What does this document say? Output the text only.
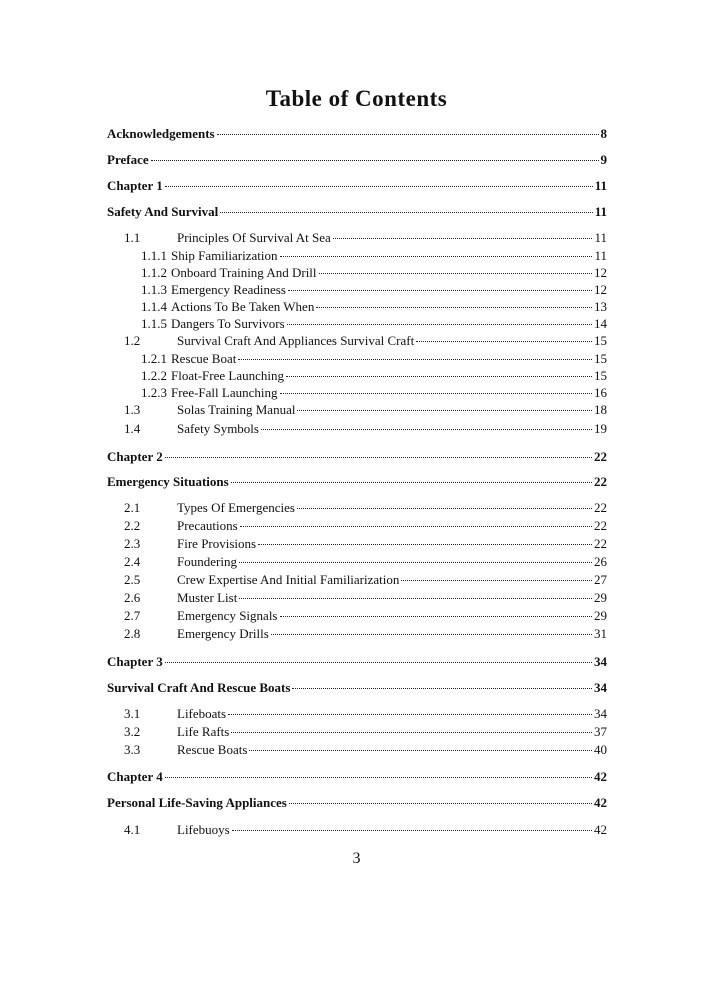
Table of Contents
Acknowledgements	8
Preface	9
Chapter 1	11
Safety And Survival	11
1.1	Principles Of Survival At Sea	11
1.1.1 Ship Familiarization	11
1.1.2 Onboard Training And Drill	12
1.1.3 Emergency Readiness	12
1.1.4 Actions To Be Taken When	13
1.1.5 Dangers To Survivors	14
1.2	Survival Craft And Appliances Survival Craft	15
1.2.1 Rescue Boat	15
1.2.2 Float-Free Launching	15
1.2.3 Free-Fall Launching	16
1.3	Solas Training Manual	18
1.4	Safety Symbols	19
Chapter 2	22
Emergency Situations	22
2.1	Types Of Emergencies	22
2.2	Precautions	22
2.3	Fire Provisions	22
2.4	Foundering	26
2.5	Crew Expertise And Initial Familiarization	27
2.6	Muster List	29
2.7	Emergency Signals	29
2.8	Emergency Drills	31
Chapter 3	34
Survival Craft And Rescue Boats	34
3.1	Lifeboats	34
3.2	Life Rafts	37
3.3	Rescue Boats	40
Chapter 4	42
Personal Life-Saving Appliances	42
4.1	Lifebuoys	42
3
